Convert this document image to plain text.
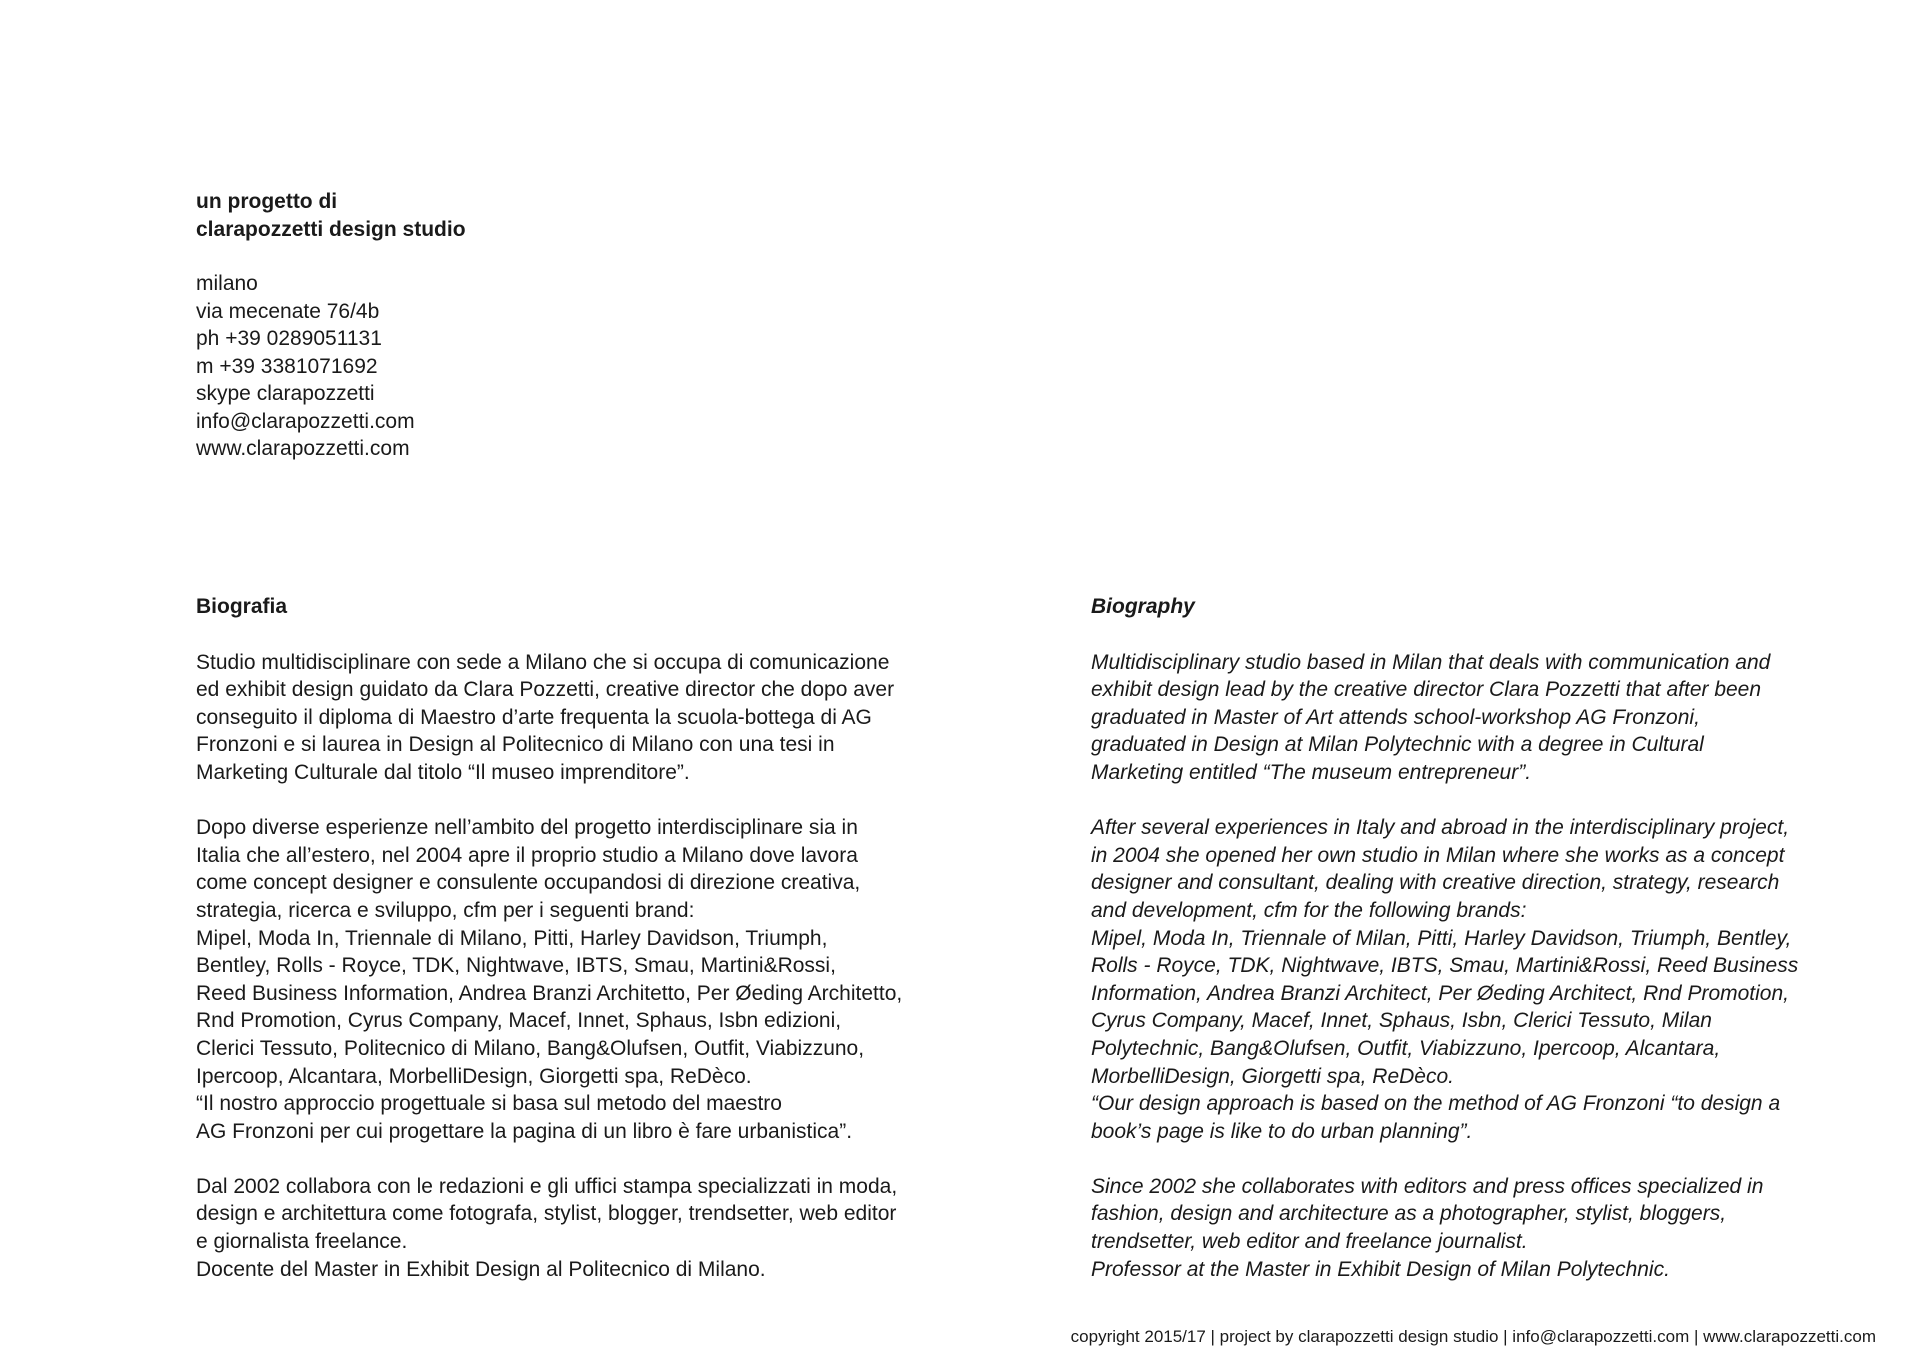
un progetto di
clarapozzetti design studio
milano
via mecenate 76/4b
ph +39 0289051131
m +39 3381071692
skype clarapozzetti
info@clarapozzetti.com
www.clarapozzetti.com
Biografia

Studio multidisciplinare con sede a Milano che si occupa di comunicazione
ed exhibit design guidato da Clara Pozzetti, creative director che dopo aver
conseguito il diploma di Maestro d’arte frequenta la scuola-bottega di AG
Fronzoni e si laurea in Design al Politecnico di Milano con una tesi in
Marketing Culturale dal titolo “Il museo imprenditore”.

Dopo diverse esperienze nell’ambito del progetto interdisciplinare sia in
Italia che all’estero, nel 2004 apre il proprio studio a Milano dove lavora
come concept designer e consulente occupandosi di direzione creativa,
strategia, ricerca e sviluppo, cfm per i seguenti brand:
Mipel, Moda In, Triennale di Milano, Pitti, Harley Davidson, Triumph,
Bentley, Rolls - Royce, TDK, Nightwave, IBTS, Smau, Martini&Rossi,
Reed Business Information, Andrea Branzi Architetto, Per Øeding Architetto,
Rnd Promotion, Cyrus Company, Macef, Innet, Sphaus, Isbn edizioni,
Clerici Tessuto, Politecnico di Milano, Bang&Olufsen, Outfit, Viabizzuno,
Ipercoop, Alcantara, MorbelliDesign, Giorgetti spa, ReDèco.
“Il nostro approccio progettuale si basa sul metodo del maestro
AG Fronzoni per cui progettare la pagina di un libro è fare urbanistica”.

Dal 2002 collabora con le redazioni e gli uffici stampa specializzati in moda,
design e architettura come fotografa, stylist, blogger, trendsetter, web editor
e giornalista freelance.
Docente del Master in Exhibit Design al Politecnico di Milano.

Biography

Multidisciplinary studio based in Milan that deals with communication and
exhibit design lead by the creative director Clara Pozzetti that after been
graduated in Master of Art attends school-workshop AG Fronzoni,
graduated in Design at Milan Polytechnic with a degree in Cultural
Marketing entitled “The museum entrepreneur”.

After several experiences in Italy and abroad in the interdisciplinary project,
in 2004 she opened her own studio in Milan where she works as a concept
designer and consultant, dealing with creative direction, strategy, research
and development, cfm for the following brands:
Mipel, Moda In, Triennale of Milan, Pitti, Harley Davidson, Triumph, Bentley,
Rolls - Royce, TDK, Nightwave, IBTS, Smau, Martini&Rossi, Reed Business
Information, Andrea Branzi Architect, Per Øeding Architect, Rnd Promotion,
Cyrus Company, Macef, Innet, Sphaus, Isbn, Clerici Tessuto, Milan
Polytechnic, Bang&Olufsen, Outfit, Viabizzuno, Ipercoop, Alcantara,
MorbelliDesign, Giorgetti spa, ReDèco.
“Our design approach is based on the method of AG Fronzoni “to design a
book’s page is like to do urban planning”.

Since 2002 she collaborates with editors and press offices specialized in
fashion, design and architecture as a photographer, stylist, bloggers,
trendsetter, web editor and freelance journalist.
Professor at the Master in Exhibit Design of Milan Polytechnic.

copyright 2015/17 | project by clarapozzetti design studio | info@clarapozzetti.com | www.clarapozzetti.com
